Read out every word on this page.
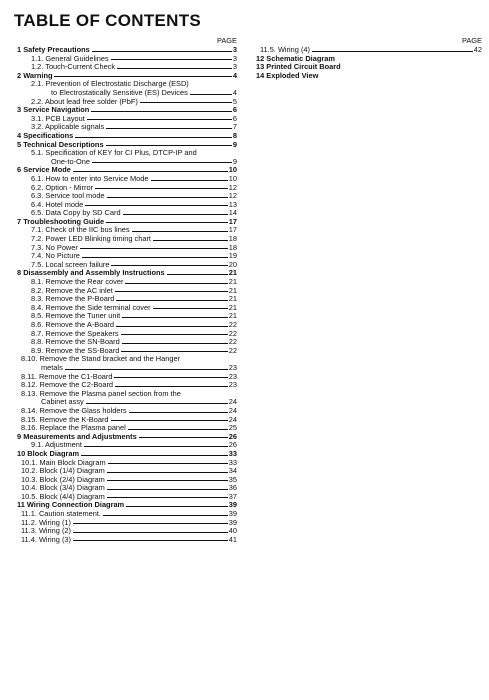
TABLE OF CONTENTS
PAGE
1 Safety Precautions	3
1.1. General Guidelines	3
1.2. Touch-Current Check	3
2 Warning	4
2.1. Prevention of Electrostatic Discharge (ESD)
to Electrostatically Sensitive (ES) Devices	4
2.2. About lead free solder (PbF)	5
3 Service Navigation	6
3.1. PCB Layout	6
3.2. Applicable signals	7
4 Specifications	8
5 Technical Descriptions	9
5.1. Specification of KEY for CI Plus, DTCP-IP and
One-to-One	9
6 Service Mode	10
6.1. How to enter into Service Mode	10
6.2. Option - Mirror	12
6.3. Service tool mode	12
6.4. Hotel mode	13
6.5. Data Copy by SD Card	14
7 Troubleshooting Guide	17
7.1. Check of the IIC bus lines	17
7.2. Power LED Blinking timing chart	18
7.3. No Power	18
7.4. No Picture	19
7.5. Local screen failure	20
8 Disassembly and Assembly Instructions	21
8.1. Remove the Rear cover	21
8.2. Remove the AC inlet	21
8.3. Remove the P-Board	21
8.4. Remove the Side terminal cover	21
8.5. Remove the Tuner unit	21
8.6. Remove the A-Board	22
8.7. Remove the Speakers	22
8.8. Remove the SN-Board	22
8.9. Remove the SS-Board	22
8.10. Remove the Stand bracket and the Hanger
metals	23
8.11. Remove the C1-Board	23
8.12. Remove the C2-Board	23
8.13. Remove the Plasma panel section from the
Cabinet assy	24
8.14. Remove the Glass holders	24
8.15. Remove the K-Board	24
8.16. Replace the Plasma panel	25
9 Measurements and Adjustments	26
9.1. Adjustment	26
10 Block Diagram	33
10.1. Main Block Diagram	33
10.2. Block (1/4) Diagram	34
10.3. Block (2/4) Diagram	35
10.4. Block (3/4) Diagram	36
10.5. Block (4/4) Diagram	37
11 Wiring Connection Diagram	39
11.1. Caution statement.	39
11.2. Wiring (1)	39
11.3. Wiring (2)	40
11.4. Wiring (3)	41
PAGE
11.5. Wiring (4)	42
12 Schematic Diagram
13 Printed Circuit Board
14 Exploded View
